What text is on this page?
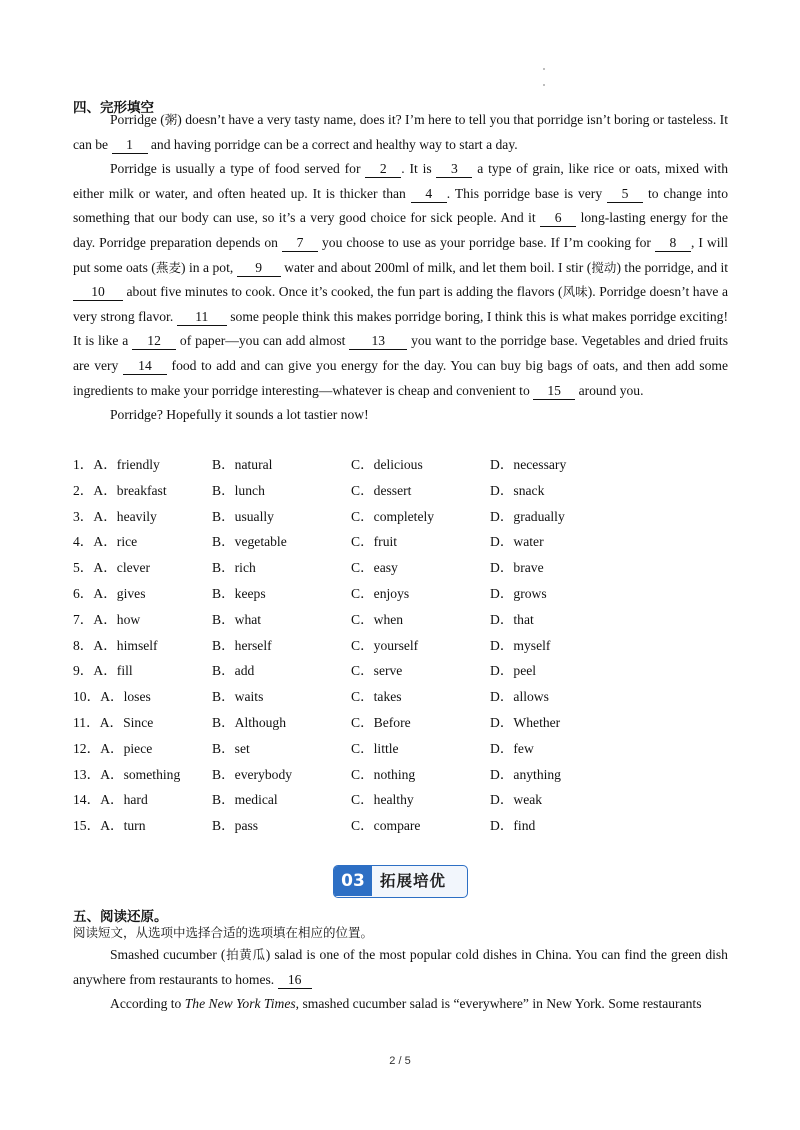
四、完形填空

Porridge (粥) doesn’t have a very tasty name, does it? I’m here to tell you that porridge isn’t boring or tasteless. It can be 1 and having porridge can be a correct and healthy way to start a day.

Porridge is usually a type of food served for 2 . It is 3 a type of grain, like rice or oats, mixed with either milk or water, and often heated up. It is thicker than 4 . This porridge base is very 5 to change into something that our body can use, so it’s a very good choice for sick people. And it 6 long-lasting energy for the day. Porridge preparation depends on 7 you choose to use as your porridge base. If I’m cooking for 8 , I will put some oats (燕麦) in a pot, 9 water and about 200ml of milk, and let them boil. I stir (搅动) the porridge, and it 10 about five minutes to cook. Once it’s cooked, the fun part is adding the flavors (风味). Porridge doesn’t have a very strong flavor. 11 some people think this makes porridge boring, I think this is what makes porridge exciting! It is like a 12 of paper—you can add almost 13 you want to the porridge base. Vegetables and dried fruits are very 14 food to add and can give you energy for the day. You can buy big bags of oats, and then add some ingredients to make your porridge interesting—whatever is cheap and convenient to 15 around you.

Porridge? Hopefully it sounds a lot tastier now!

1．A．friendly	B．natural	C．delicious	D．necessary
2．A．breakfast	B．lunch	C．dessert	D．snack
3．A．heavily	B．usually	C．completely	D．gradually
4．A．rice	B．vegetable	C．fruit	D．water
5．A．clever	B．rich	C．easy	D．brave
6．A．gives	B．keeps	C．enjoys	D．grows
7．A．how	B．what	C．when	D．that
8．A．himself	B．herself	C．yourself	D．myself
9．A．fill	B．add	C．serve	D．peel
10．A．loses	B．waits	C．takes	D．allows
11．A．Since	B．Although	C．Before	D．Whether
12．A．piece	B．set	C．little	D．few
13．A．something B．everybody	C．nothing	D．anything
14．A．hard	B．medical	C．healthy	D．weak
15．A．turn	B．pass	C．compare	D．find
五、阅读还原。
阅读短文，从选项中选择合适的选项填在相应的位置。

Smashed cucumber (拍黄瓜) salad is one of the most popular cold dishes in China. You can find the green dish anywhere from restaurants to homes. 16

According to The New York Times, smashed cucumber salad is “everywhere” in New York. Some restaurants

03 拓展培优
2 / 5
